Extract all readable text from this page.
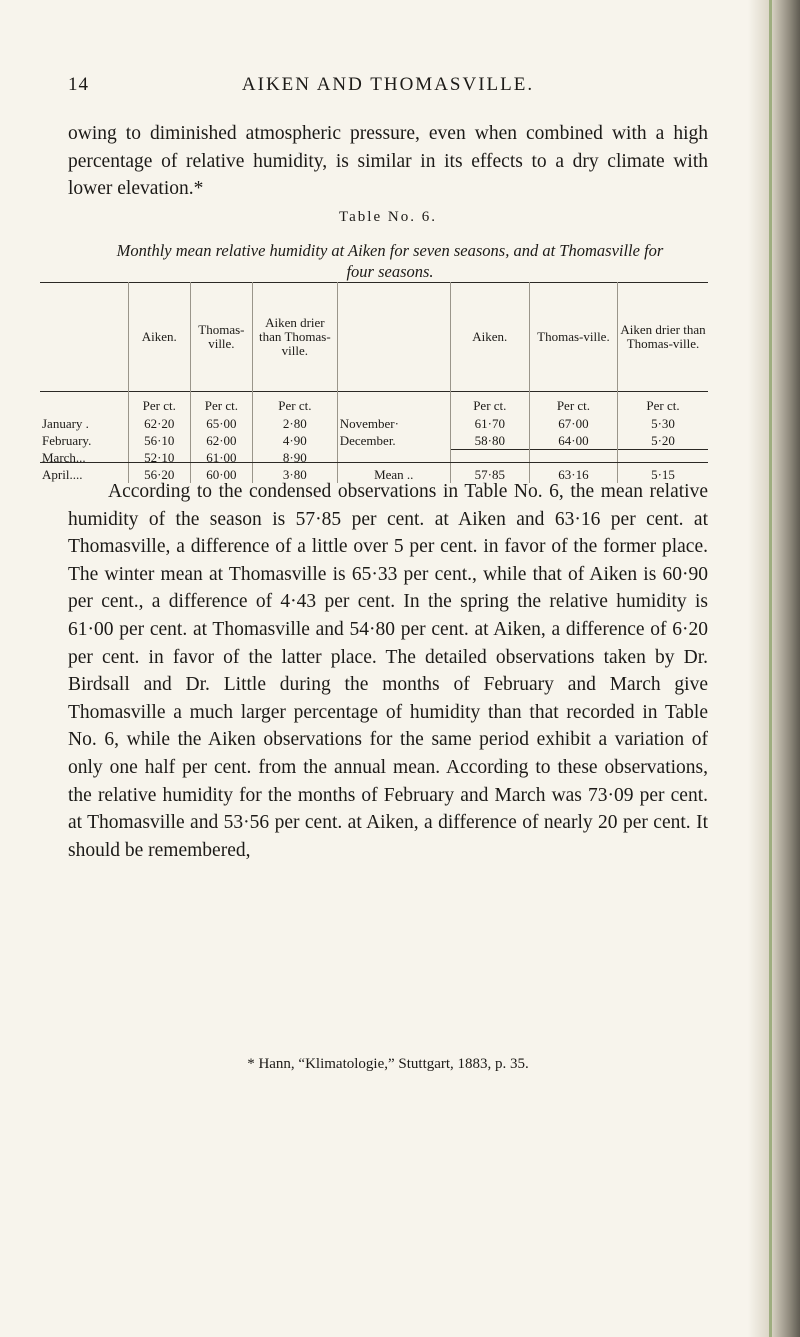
14	AIKEN AND THOMASVILLE.

owing to diminished atmospheric pressure, even when combined with a high percentage of relative humidity, is similar in its effects to a dry climate with lower elevation.*

Table No. 6.
Monthly mean relative humidity at Aiken for seven seasons, and at Thomasville for four seasons.
	Aiken.	Thomas-ville.	Aiken drier than Thomas-ville.		Aiken.	Thomas-ville.	Aiken drier than Thomas-ville.
	Per ct.	Per ct.	Per ct.		Per ct.	Per ct.	Per ct.
January .	62·20	65·00	2·80	November·	61·70	67·00	5·30
February.	56·10	62·00	4·90	December.	58·80	64·00	5·20
March...	52·10	61·00	8·90				
April....	56·20	60·00	3·80	Mean ..	57·85	63·16	5·15

According to the condensed observations in Table No. 6, the mean relative humidity of the season is 57·85 per cent. at Aiken and 63·16 per cent. at Thomasville, a difference of a little over 5 per cent. in favor of the former place. The winter mean at Thomasville is 65·33 per cent., while that of Aiken is 60·90 per cent., a difference of 4·43 per cent. In the spring the relative humidity is 61·00 per cent. at Thomasville and 54·80 per cent. at Aiken, a difference of 6·20 per cent. in favor of the latter place. The detailed observations taken by Dr. Birdsall and Dr. Little during the months of February and March give Thomasville a much larger percentage of humidity than that recorded in Table No. 6, while the Aiken observations for the same period exhibit a variation of only one half per cent. from the annual mean. According to these observations, the relative humidity for the months of February and March was 73·09 per cent. at Thomasville and 53·56 per cent. at Aiken, a difference of nearly 20 per cent. It should be remembered,

* Hann, “Klimatologie,” Stuttgart, 1883, p. 35.
